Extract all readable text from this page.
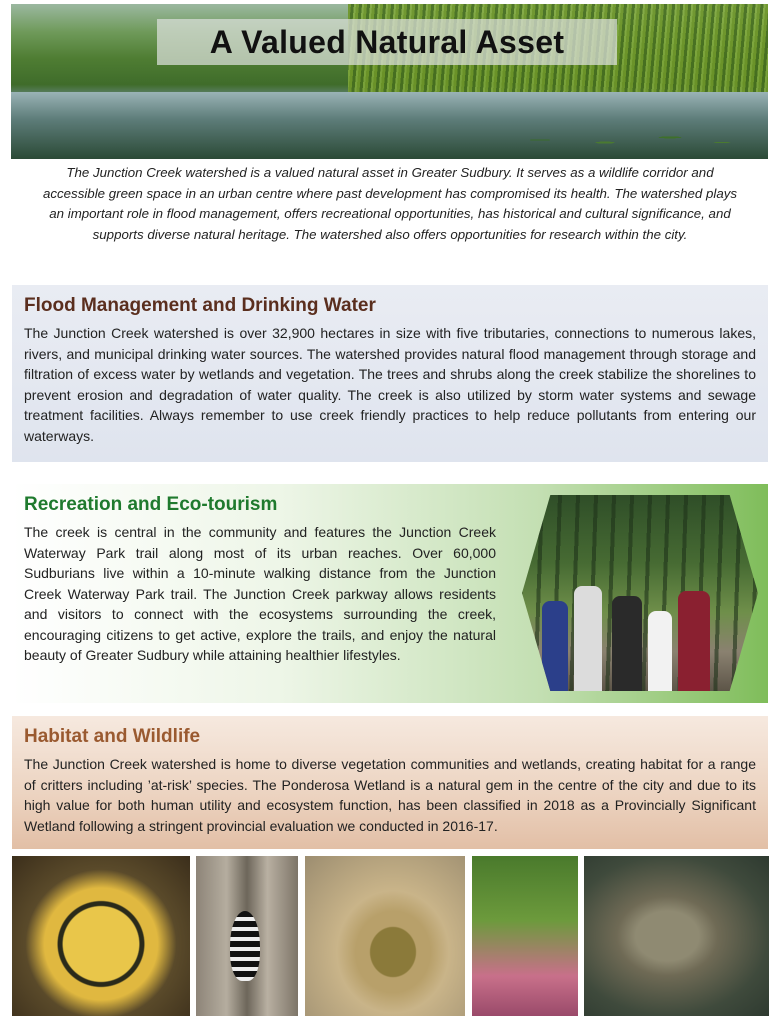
A Valued Natural Asset

The Junction Creek watershed is a valued natural asset in Greater Sudbury. It serves as a wildlife corridor and accessible green space in an urban centre where past development has compromised its health. The watershed plays an important role in flood management, offers recreational opportunities, has historical and cultural significance, and supports diverse natural heritage. The watershed also offers opportunities for research within the city.

Flood Management and Drinking Water

The Junction Creek watershed is over 32,900 hectares in size with five tributaries, connections to numerous lakes, rivers, and municipal drinking water sources. The watershed provides natural flood management through storage and filtration of excess water by wetlands and vegetation. The trees and shrubs along the creek stabilize the shorelines to prevent erosion and degradation of water quality. The creek is also utilized by storm water systems and sewage treatment facilities. Always remember to use creek friendly practices to help reduce pollutants from entering our waterways.

Recreation and Eco-tourism

The creek is central in the community and features the Junction Creek Waterway Park trail along most of its urban reaches. Over 60,000 Sudburians live within a 10-minute walking distance from the Junction Creek Waterway Park trail. The Junction Creek parkway allows residents and visitors to connect with the ecosystems surrounding the creek, encouraging citizens to get active, explore the trails, and enjoy the natural beauty of Greater Sudbury while attaining healthier lifestyles.

Habitat and Wildlife

The Junction Creek watershed is home to diverse vegetation communities and wetlands, creating habitat for a range of critters including ’at-risk’ species. The Ponderosa Wetland is a natural gem in the centre of the city and due to its high value for both human utility and ecosystem function, has been classified in 2018 as a Provincially Significant Wetland following a stringent provincial evaluation we conducted in 2016-17.
